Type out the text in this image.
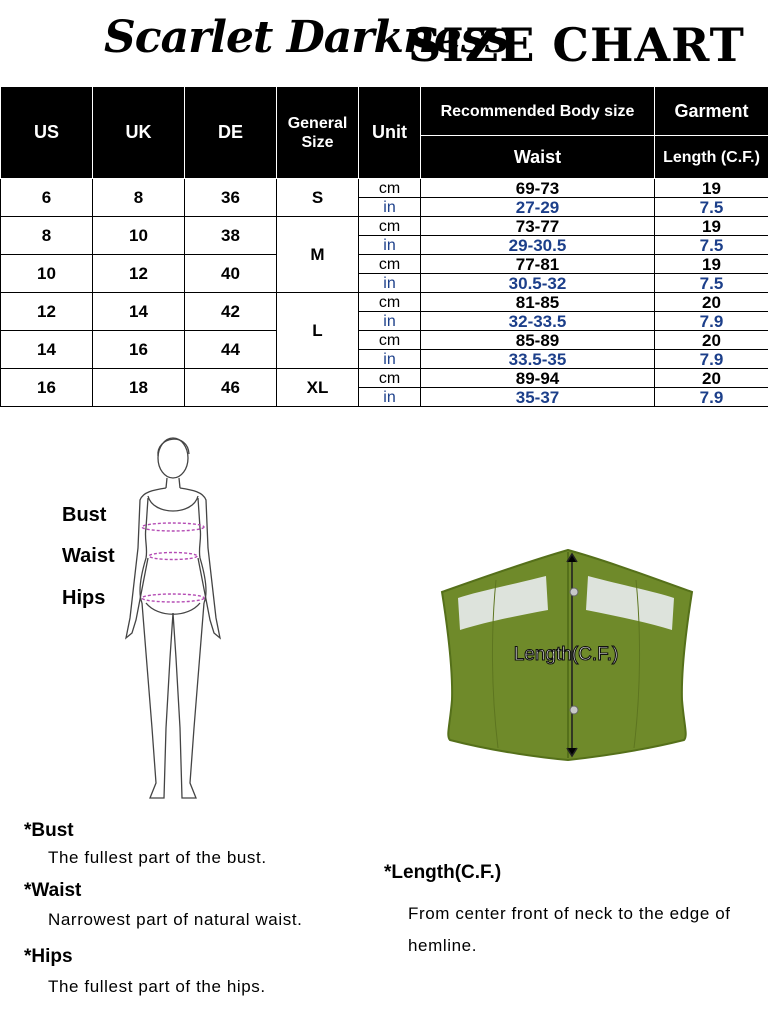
Scarlet Darkness
SIZE CHART
US	UK	DE	General Size	Unit	Recommended Body size	Garment
					Waist	Length (C.F.)
6	8	36	S	cm	69-73	19
				in	27-29	7.5
8	10	38	M	cm	73-77	19
				in	29-30.5	7.5
10	12	40		cm	77-81	19
				in	30.5-32	7.5
12	14	42	L	cm	81-85	20
				in	32-33.5	7.9
14	16	44		cm	85-89	20
				in	33.5-35	7.9
16	18	46	XL	cm	89-94	20
				in	35-37	7.9
Bust
Waist
Hips
Length(C.F.)

*Bust

The fullest part of the bust.

*Waist

Narrowest part of natural waist.

*Hips

The fullest part of the hips.

*Length(C.F.)

From center front of neck to the edge of hemline.
